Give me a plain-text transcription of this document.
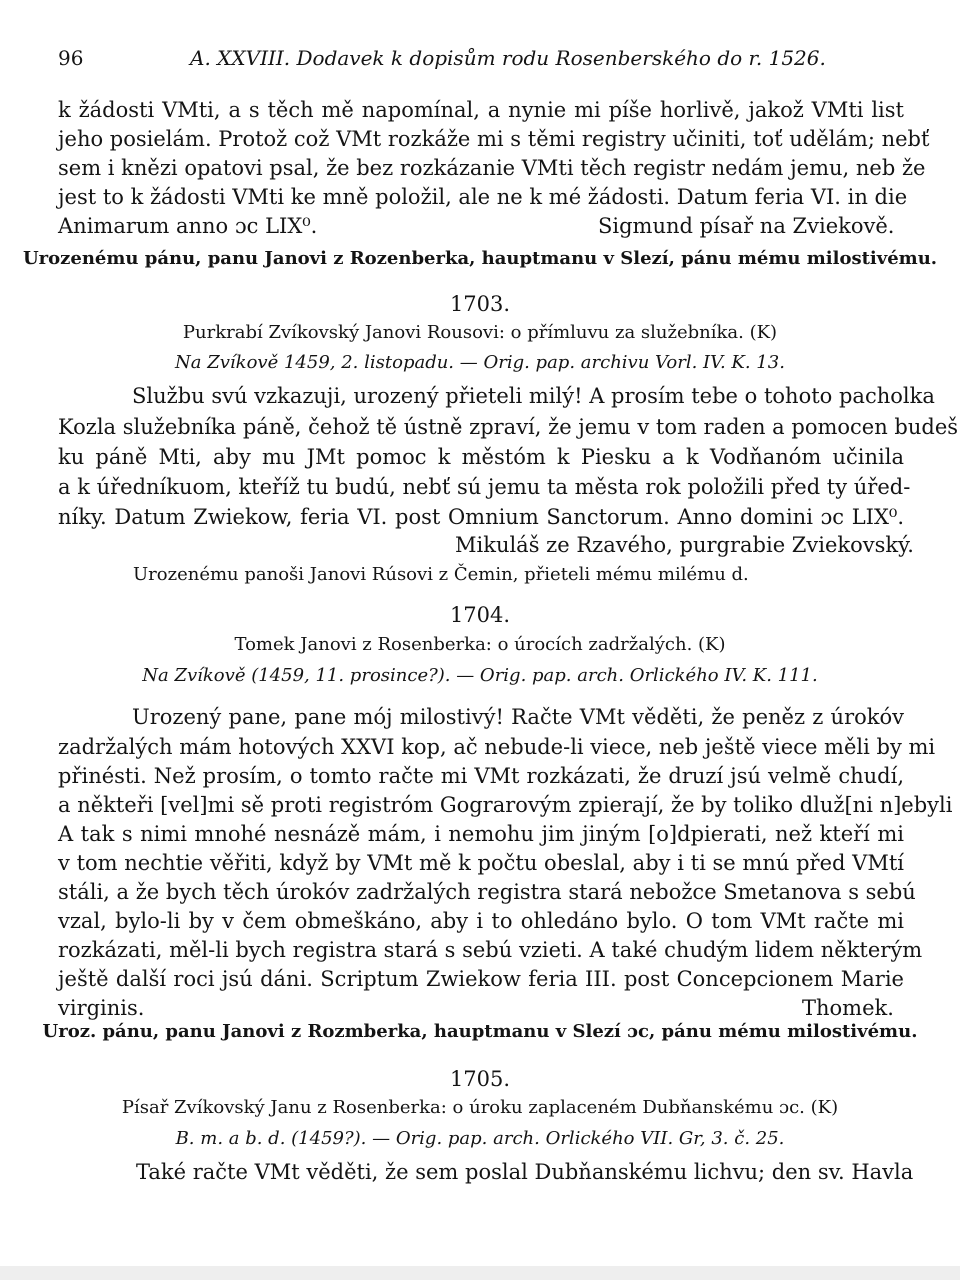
96	A. XXVIII. Dodavek k dopisům rodu Rosenberského do r. 1526.
k žádosti VMti, a s těch mě napomínal, a nynie mi píše horlivě, jakož VMti list
jeho posielám. Protož což VMt rozkáže mi s těmi registry učiniti, toť udělám; nebť
sem i knězi opatovi psal, že bez rozkázanie VMti těch registr nedám jemu, neb že
jest to k žádosti VMti ke mně položil, ale ne k mé žádosti. Datum feria VI. in die
Animarum anno ɔc LIX⁰.	Sigmund písař na Zviekově.
Urozenému pánu, panu Janovi z Rozenberka, hauptmanu v Slezí, pánu mému milostivému.
1703.
Purkrabí Zvíkovský Janovi Rousovi: o přímluvu za služebníka. (K)
Na Zvíkově 1459, 2. listopadu. — Orig. pap. archivu Vorl. IV. K. 13.
Službu svú vzkazuji, urozený přieteli milý! A prosím tebe o tohoto pacholka
Kozla služebníka páně, čehož tě ústně zpraví, že jemu v tom raden a pomocen budeš
ku páně Mti, aby mu JMt pomoc k městóm k Piesku a k Vodňanóm učinila
a k úředníkuom, kteříž tu budú, nebť sú jemu ta města rok položili před ty úřed-
níky. Datum Zwiekow, feria VI. post Omnium Sanctorum. Anno domini ɔc LIX⁰.
Mikuláš ze Rzavého, purgrabie Zviekovský.
Urozenému panoši Janovi Rúsovi z Čemin, přieteli mému milému d.
1704.
Tomek Janovi z Rosenberka: o úrocích zadržalých. (K)
Na Zvíkově (1459, 11. prosince?). — Orig. pap. arch. Orlického IV. K. 111.
Urozený pane, pane mój milostivý! Račte VMt věděti, že peněz z úrokóv
zadržalých mám hotových XXVI kop, ač nebude-li viece, neb ještě viece měli by mi
přinésti. Než prosím, o tomto račte mi VMt rozkázati, že druzí jsú velmě chudí,
a někteři [vel]mi sě proti registróm Gograrovým zpierají, že by toliko dluž[ni n]ebyli
A tak s nimi mnohé nesnázě mám, i nemohu jim jiným [o]dpierati, než kteří mi
v tom nechtie věřiti, když by VMt mě k počtu obeslal, aby i ti se mnú před VMtí
stáli, a že bych těch úrokóv zadržalých registra stará nebožce Smetanova s sebú
vzal, bylo-li by v čem obmeškáno, aby i to ohledáno bylo. O tom VMt račte mi
rozkázati, měl-li bych registra stará s sebú vzieti. A také chudým lidem některým
ještě další roci jsú dáni. Scriptum Zwiekow feria III. post Concepcionem Marie
virginis.	Thomek.
Uroz. pánu, panu Janovi z Rozmberka, hauptmanu v Slezí ɔc, pánu mému milostivému.
1705.
Písař Zvíkovský Janu z Rosenberka: o úroku zaplaceném Dubňanskému ɔc. (K)
B. m. a b. d. (1459?). — Orig. pap. arch. Orlického VII. Gr, 3. č. 25.
Také račte VMt věděti, že sem poslal Dubňanskému lichvu; den sv. Havla
